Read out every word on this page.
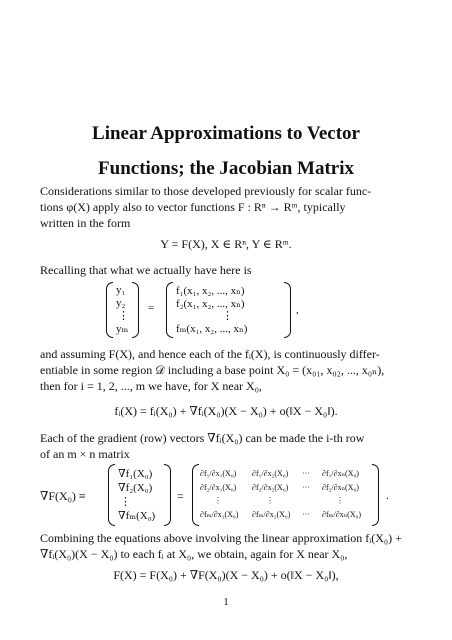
Linear Approximations to Vector
Functions; the Jacobian Matrix
Considerations similar to those developed previously for scalar func-
tions φ(X) apply also to vector functions F : Rⁿ → Rᵐ, typically
written in the form
Y = F(X), X ∈ Rⁿ, Y ∈ Rᵐ.
Recalling that what we actually have here is
y₁
y₂
⋮
yₘ
=
f₁(x₁, x₂, ..., xₙ)
f₂(x₁, x₂, ..., xₙ)
⋮
fₘ(x₁, x₂, ..., xₙ)
,
and assuming F(X), and hence each of the fᵢ(X), is continuously differ-
entiable in some region 𝒟 including a base point X₀ = (x₀₁, x₀₂, ..., x₀ₙ),
then for i = 1, 2, ..., m we have, for X near X₀,
fᵢ(X) = fᵢ(X₀) + ∇fᵢ(X₀)(X − X₀) + o(‖X − X₀‖).
Each of the gradient (row) vectors ∇fᵢ(X₀) can be made the i-th row
of an m × n matrix
∇F(X₀) ≡
∇f₁(X₀)
∇f₂(X₀)
⋮
∇fₘ(X₀)
=
∂f₁/∂x₁(X₀) ∂f₁/∂x₂(X₀) ··· ∂f₁/∂xₙ(X₀)
∂f₂/∂x₁(X₀) ∂f₂/∂x₂(X₀) ··· ∂f₂/∂xₙ(X₀)
⋮	⋮	⋮
∂fₘ/∂x₁(X₀) ∂fₘ/∂x₂(X₀) ··· ∂fₘ/∂xₙ(X₀)
.
Combining the equations above involving the linear approximation fᵢ(X₀) +
∇fᵢ(X₀)(X − X₀) to each fᵢ at X₀, we obtain, again for X near X₀,
1
F(X) = F(X₀) + ∇F(X₀)(X − X₀) + o(‖X − X₀‖),
